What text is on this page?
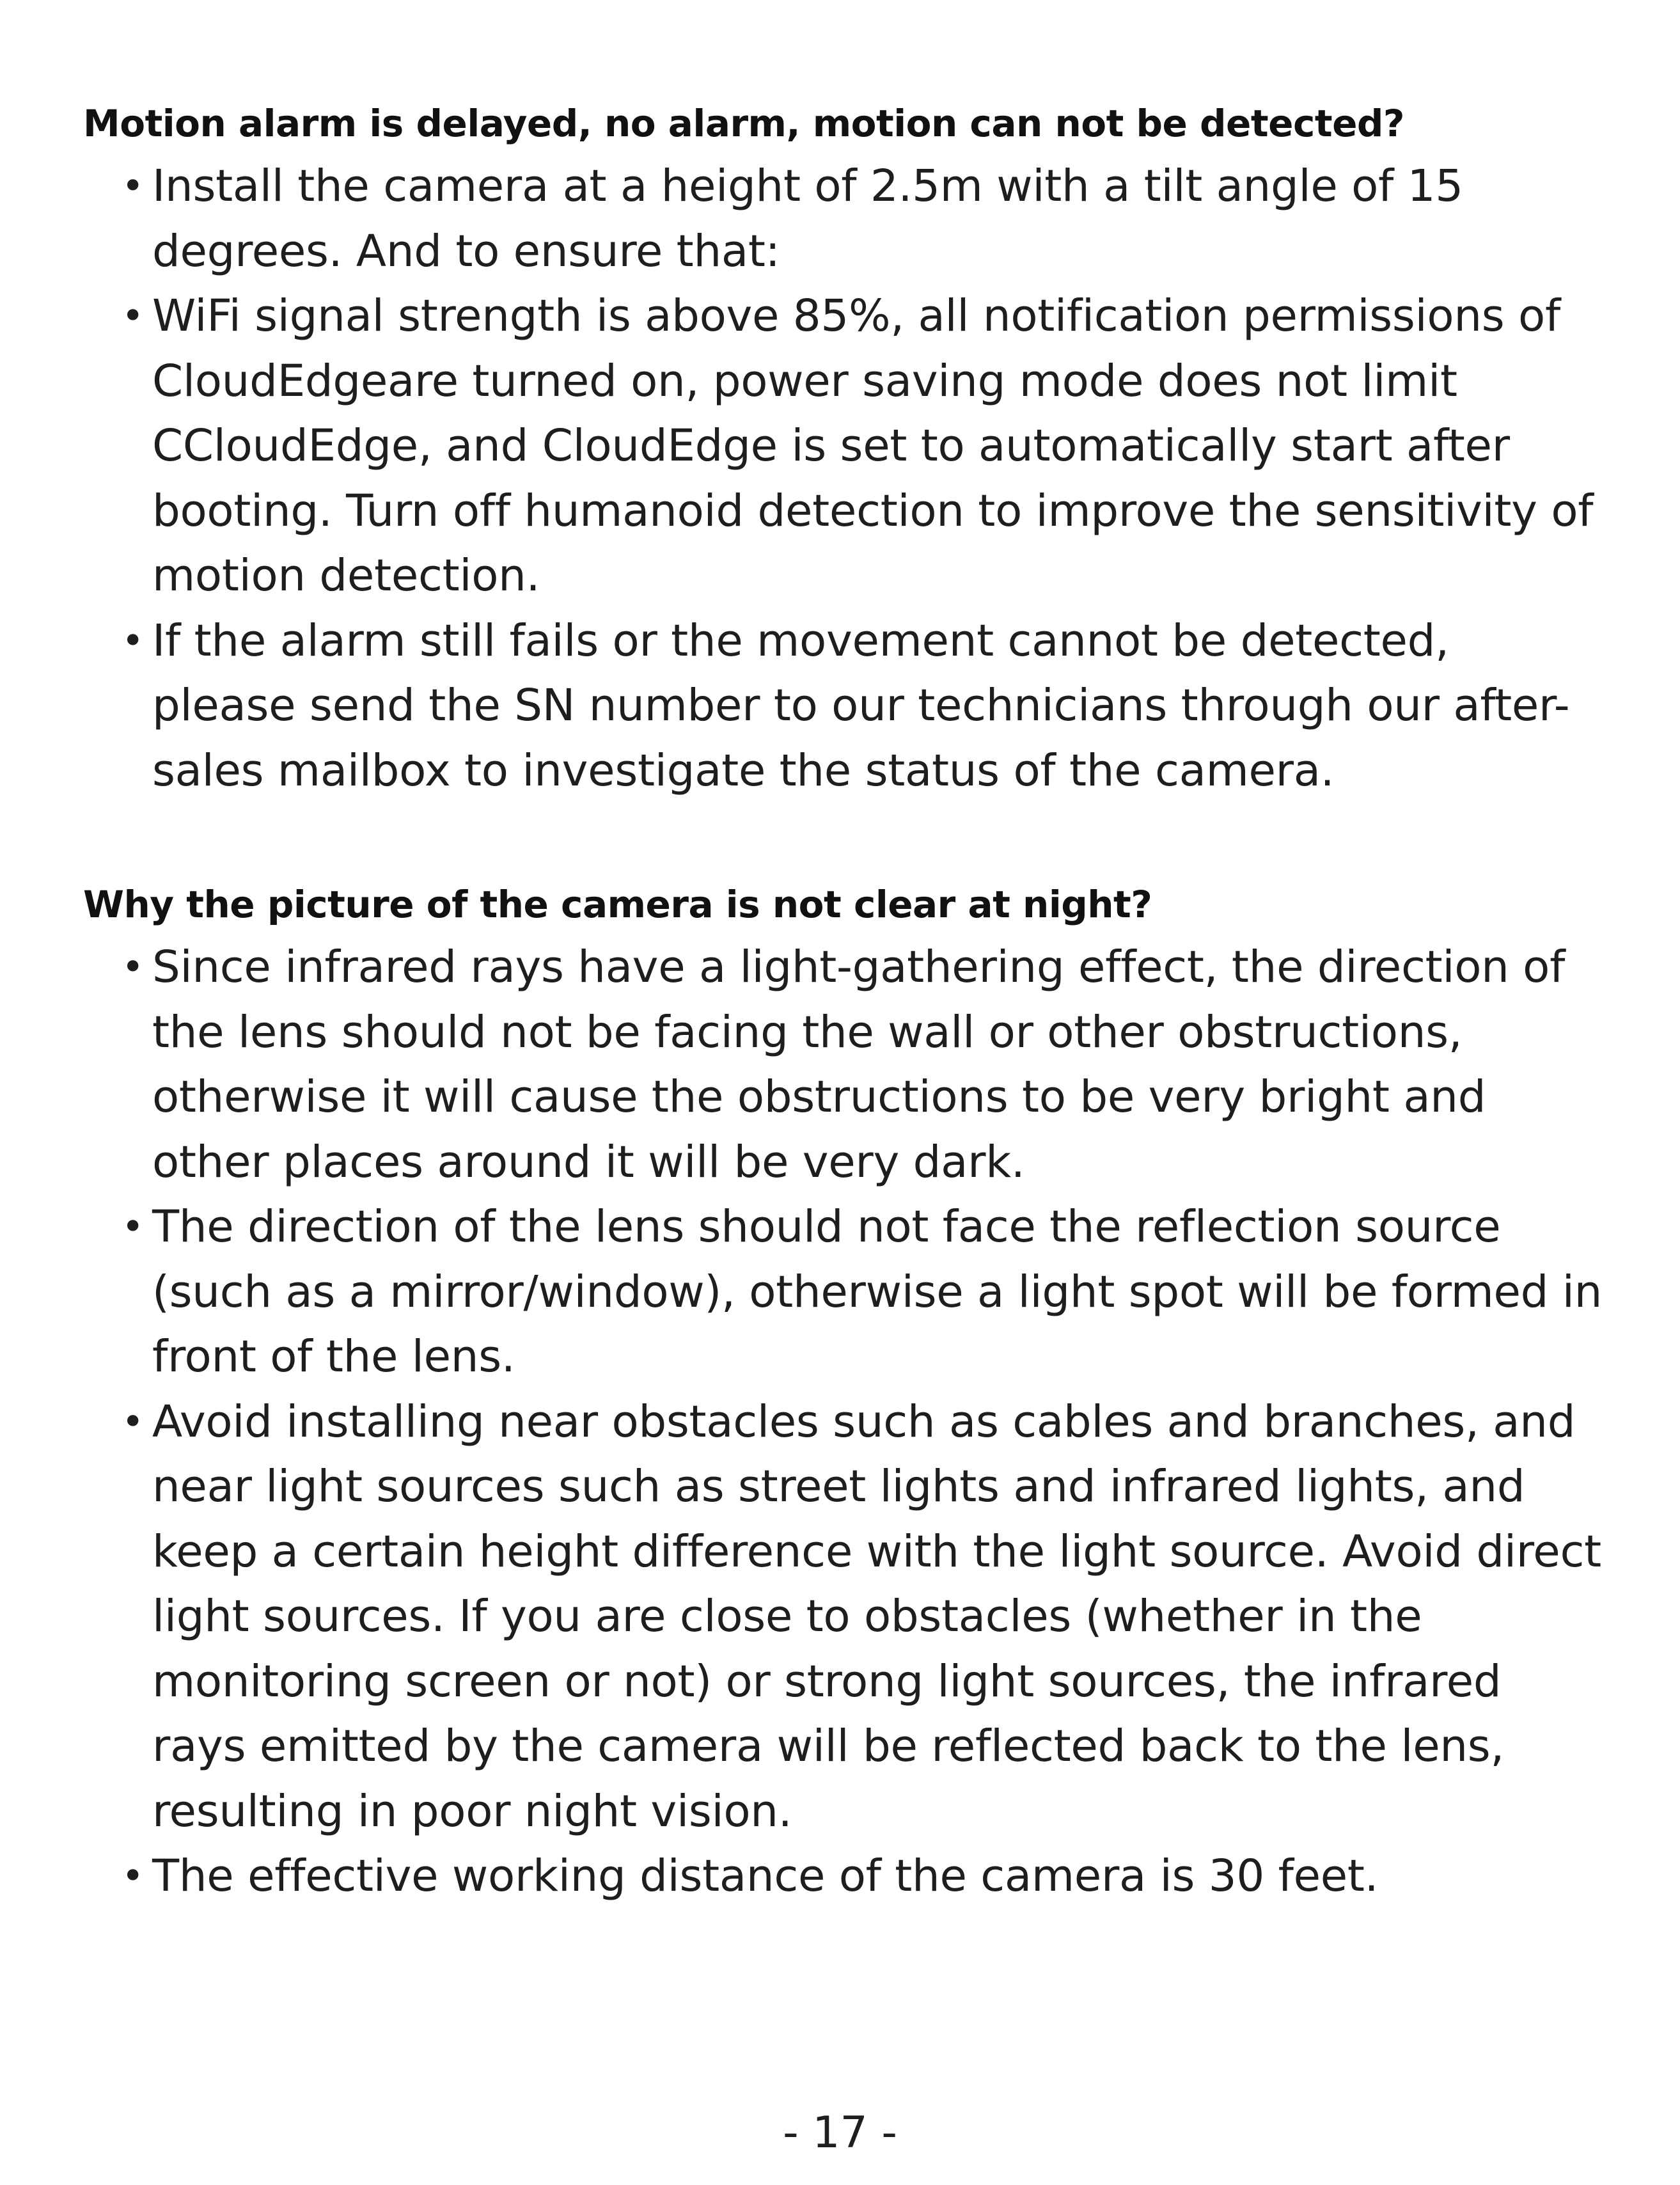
Motion alarm is delayed, no alarm, motion can not be detected?
• Install the camera at a height of 2.5m with a tilt angle of 15 degrees. And to ensure that:
• WiFi signal strength is above 85%, all notification permissions of CloudEdgeare turned on, power saving mode does not limit CCloudEdge, and CloudEdge is set to automatically start after booting. Turn off humanoid detection to improve the sensitivity of motion detection.
• If the alarm still fails or the movement cannot be detected, please send the SN number to our technicians through our after-sales mailbox to investigate the status of the camera.
Why the picture of the camera is not clear at night?
• Since infrared rays have a light-gathering effect, the direction of the lens should not be facing the wall or other obstructions, otherwise it will cause the obstructions to be very bright and other places around it will be very dark.
• The direction of the lens should not face the reflection source (such as a mirror/window), otherwise a light spot will be formed in front of the lens.
• Avoid installing near obstacles such as cables and branches, and near light sources such as street lights and infrared lights, and keep a certain height difference with the light source. Avoid direct light sources. If you are close to obstacles (whether in the monitoring screen or not) or strong light sources, the infrared rays emitted by the camera will be reflected back to the lens, resulting in poor night vision.
• The effective working distance of the camera is 30 feet.
- 17 -
